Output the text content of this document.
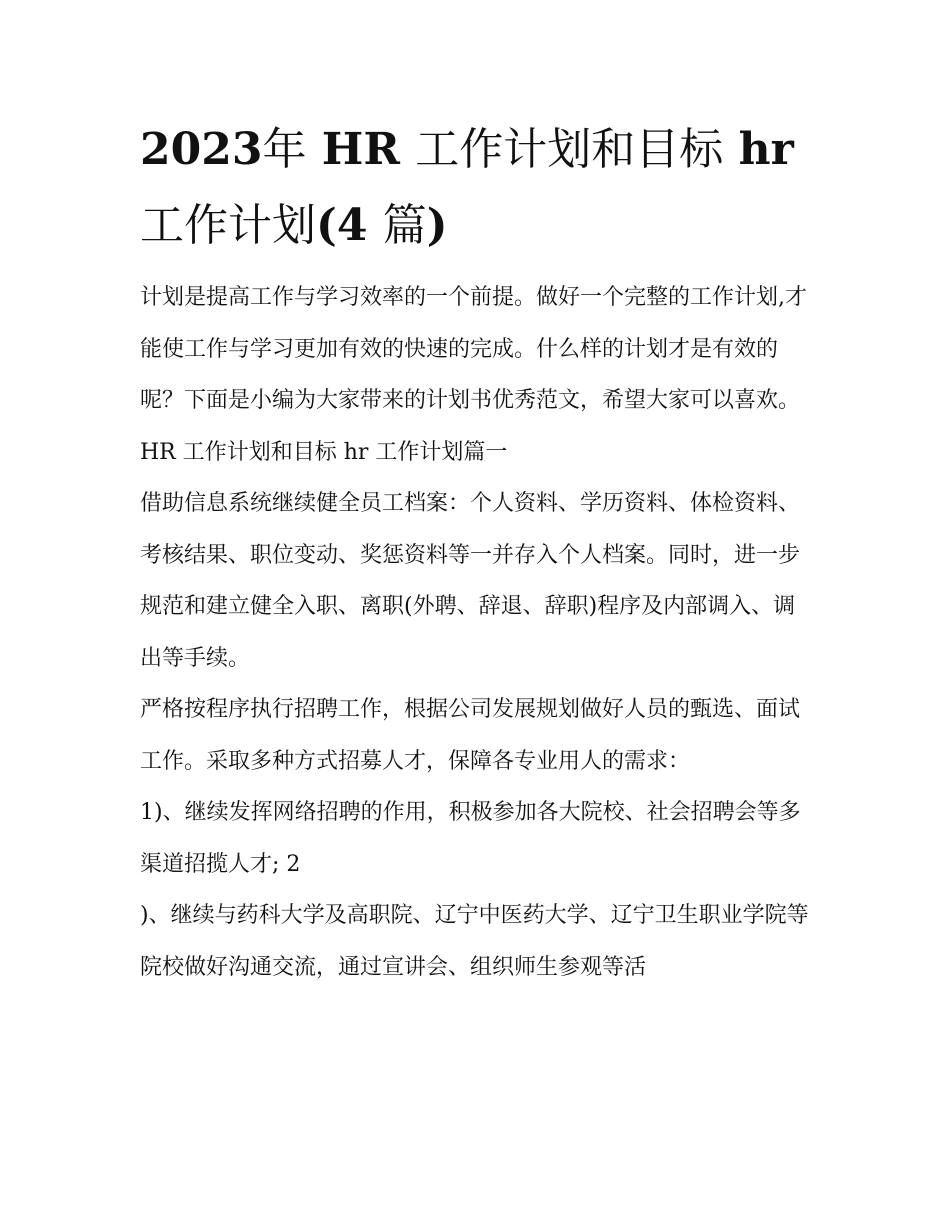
2023年 HR 工作计划和目标 hr
工作计划(4 篇)

计划是提高工作与学习效率的一个前提。做好一个完整的工作计划,才能使工作与学习更加有效的快速的完成。什么样的计划才是有效的呢？下面是小编为大家带来的计划书优秀范文，希望大家可以喜欢。

HR 工作计划和目标 hr 工作计划篇一

借助信息系统继续健全员工档案：个人资料、学历资料、体检资料、考核结果、职位变动、奖惩资料等一并存入个人档案。同时，进一步规范和建立健全入职、离职(外聘、辞退、辞职)程序及内部调入、调出等手续。

严格按程序执行招聘工作，根据公司发展规划做好人员的甄选、面试工作。采取多种方式招募人才，保障各专业用人的需求：

1)、继续发挥网络招聘的作用，积极参加各大院校、社会招聘会等多渠道招揽人才; 2

)、继续与药科大学及高职院、辽宁中医药大学、辽宁卫生职业学院等院校做好沟通交流，通过宣讲会、组织师生参观等活
